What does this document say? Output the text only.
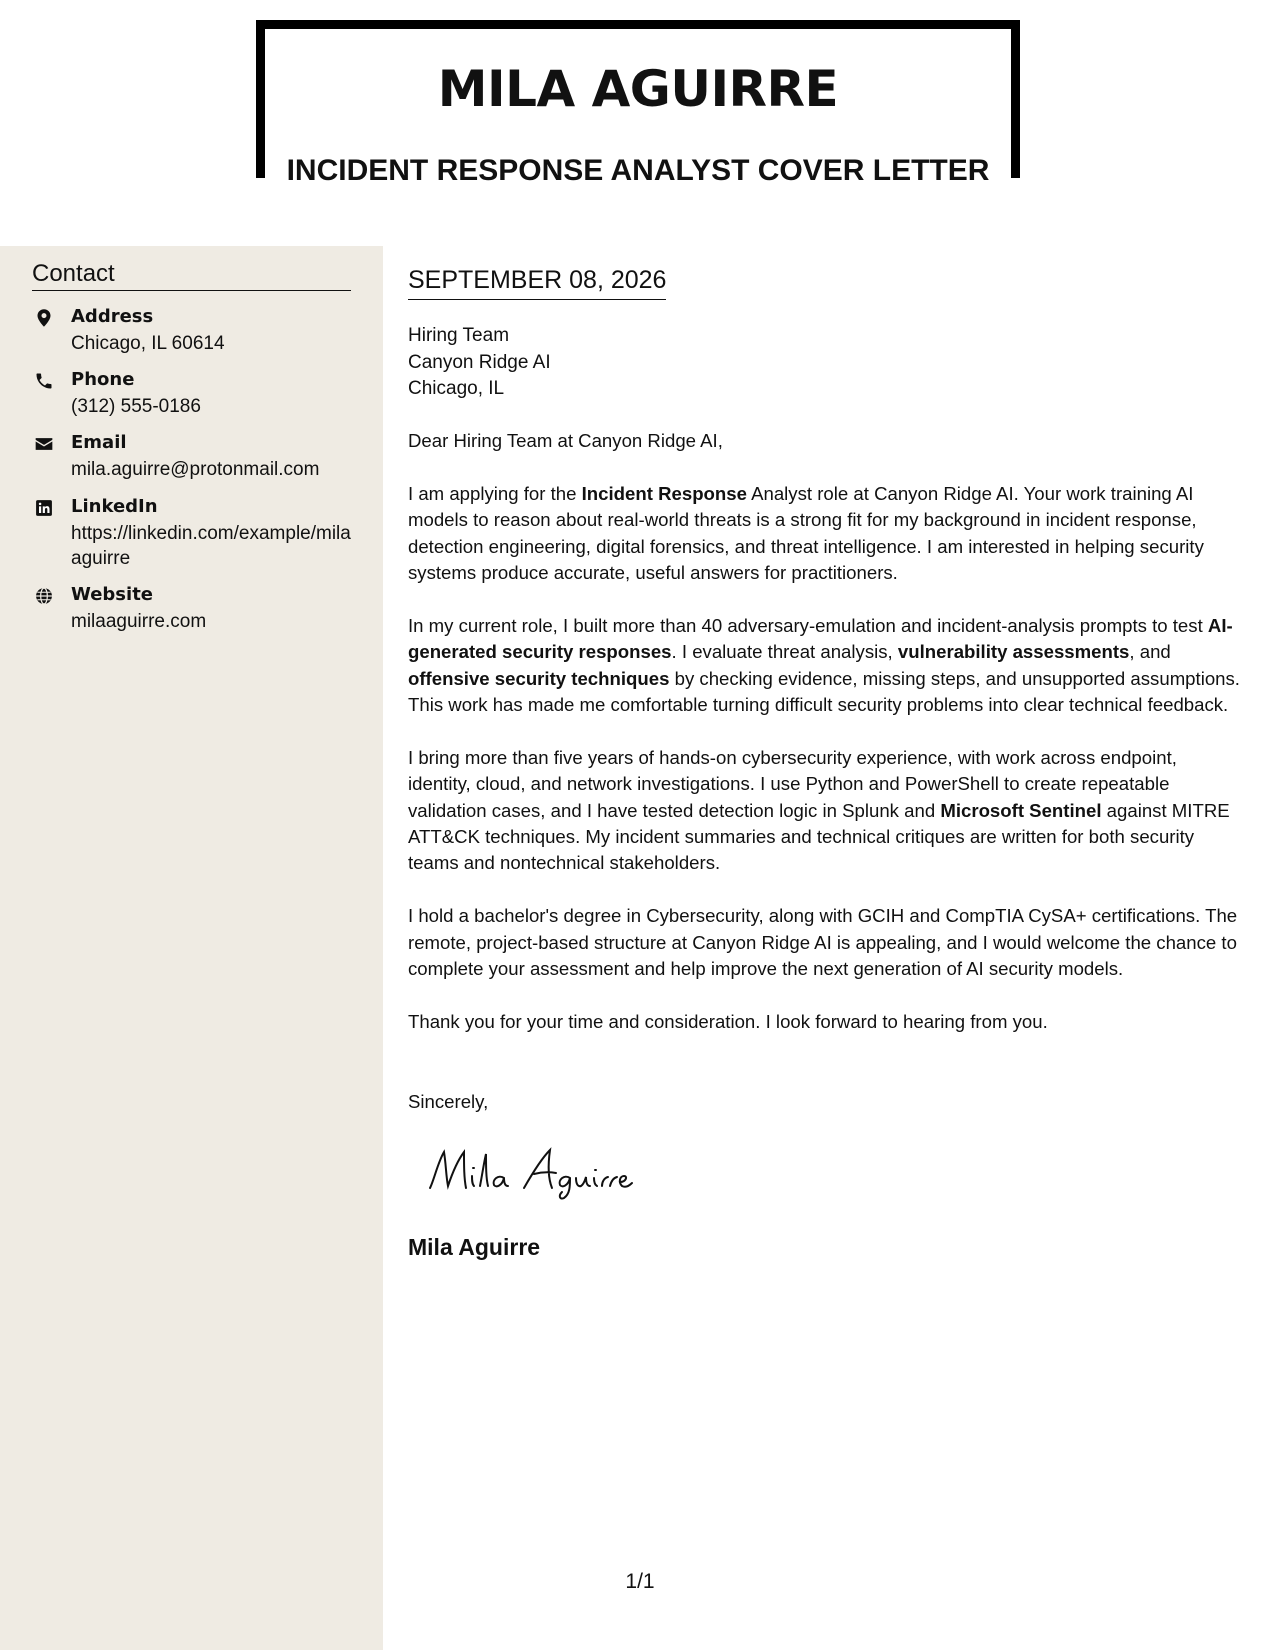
MILA AGUIRRE
INCIDENT RESPONSE ANALYST COVER LETTER
Contact
Address
Chicago, IL 60614
Phone
(312) 555-0186
Email
mila.aguirre@protonmail.com
LinkedIn
https://linkedin.com/example/milaaguirre
Website
milaaguirre.com
SEPTEMBER 08, 2026
Hiring Team
Canyon Ridge AI
Chicago, IL

Dear Hiring Team at Canyon Ridge AI,

I am applying for the Incident Response Analyst role at Canyon Ridge AI. Your work training AI models to reason about real-world threats is a strong fit for my background in incident response, detection engineering, digital forensics, and threat intelligence. I am interested in helping security systems produce accurate, useful answers for practitioners.

In my current role, I built more than 40 adversary-emulation and incident-analysis prompts to test AI-generated security responses. I evaluate threat analysis, vulnerability assessments, and offensive security techniques by checking evidence, missing steps, and unsupported assumptions. This work has made me comfortable turning difficult security problems into clear technical feedback.

I bring more than five years of hands-on cybersecurity experience, with work across endpoint, identity, cloud, and network investigations. I use Python and PowerShell to create repeatable validation cases, and I have tested detection logic in Splunk and Microsoft Sentinel against MITRE ATT&CK techniques. My incident summaries and technical critiques are written for both security teams and nontechnical stakeholders.

I hold a bachelor's degree in Cybersecurity, along with GCIH and CompTIA CySA+ certifications. The remote, project-based structure at Canyon Ridge AI is appealing, and I would welcome the chance to complete your assessment and help improve the next generation of AI security models.

Thank you for your time and consideration. I look forward to hearing from you.

Sincerely,
Mila Aguirre
1/1
